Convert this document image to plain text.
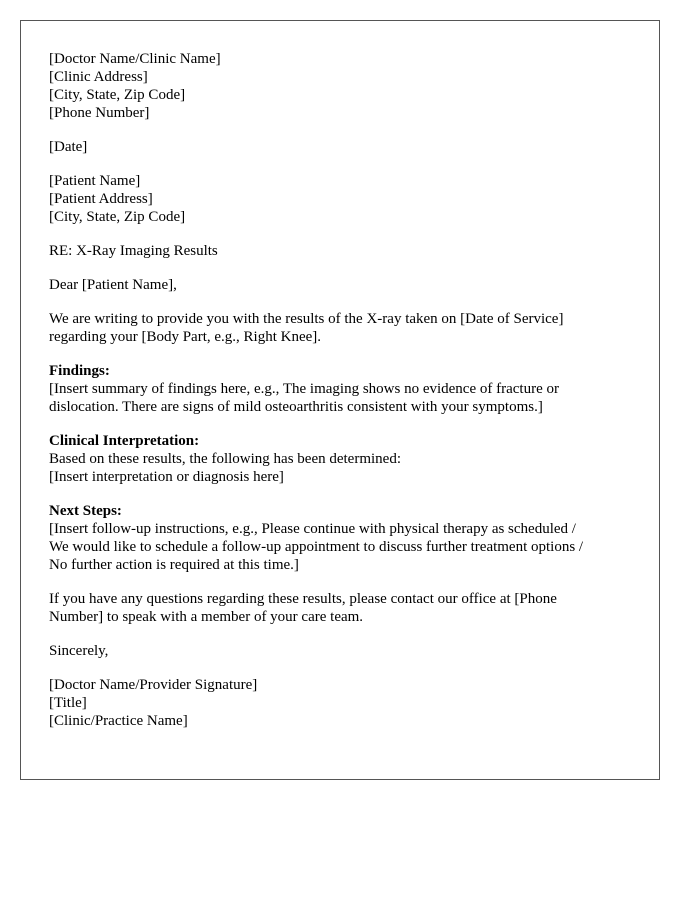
[Doctor Name/Clinic Name]
[Clinic Address]
[City, State, Zip Code]
[Phone Number]
[Date]
[Patient Name]
[Patient Address]
[City, State, Zip Code]
RE: X-Ray Imaging Results
Dear [Patient Name],
We are writing to provide you with the results of the X-ray taken on [Date of Service]
regarding your [Body Part, e.g., Right Knee].
Findings:
[Insert summary of findings here, e.g., The imaging shows no evidence of fracture or
dislocation. There are signs of mild osteoarthritis consistent with your symptoms.]
Clinical Interpretation:
Based on these results, the following has been determined:
[Insert interpretation or diagnosis here]
Next Steps:
[Insert follow-up instructions, e.g., Please continue with physical therapy as scheduled /
We would like to schedule a follow-up appointment to discuss further treatment options /
No further action is required at this time.]
If you have any questions regarding these results, please contact our office at [Phone
Number] to speak with a member of your care team.
Sincerely,
[Doctor Name/Provider Signature]
[Title]
[Clinic/Practice Name]
